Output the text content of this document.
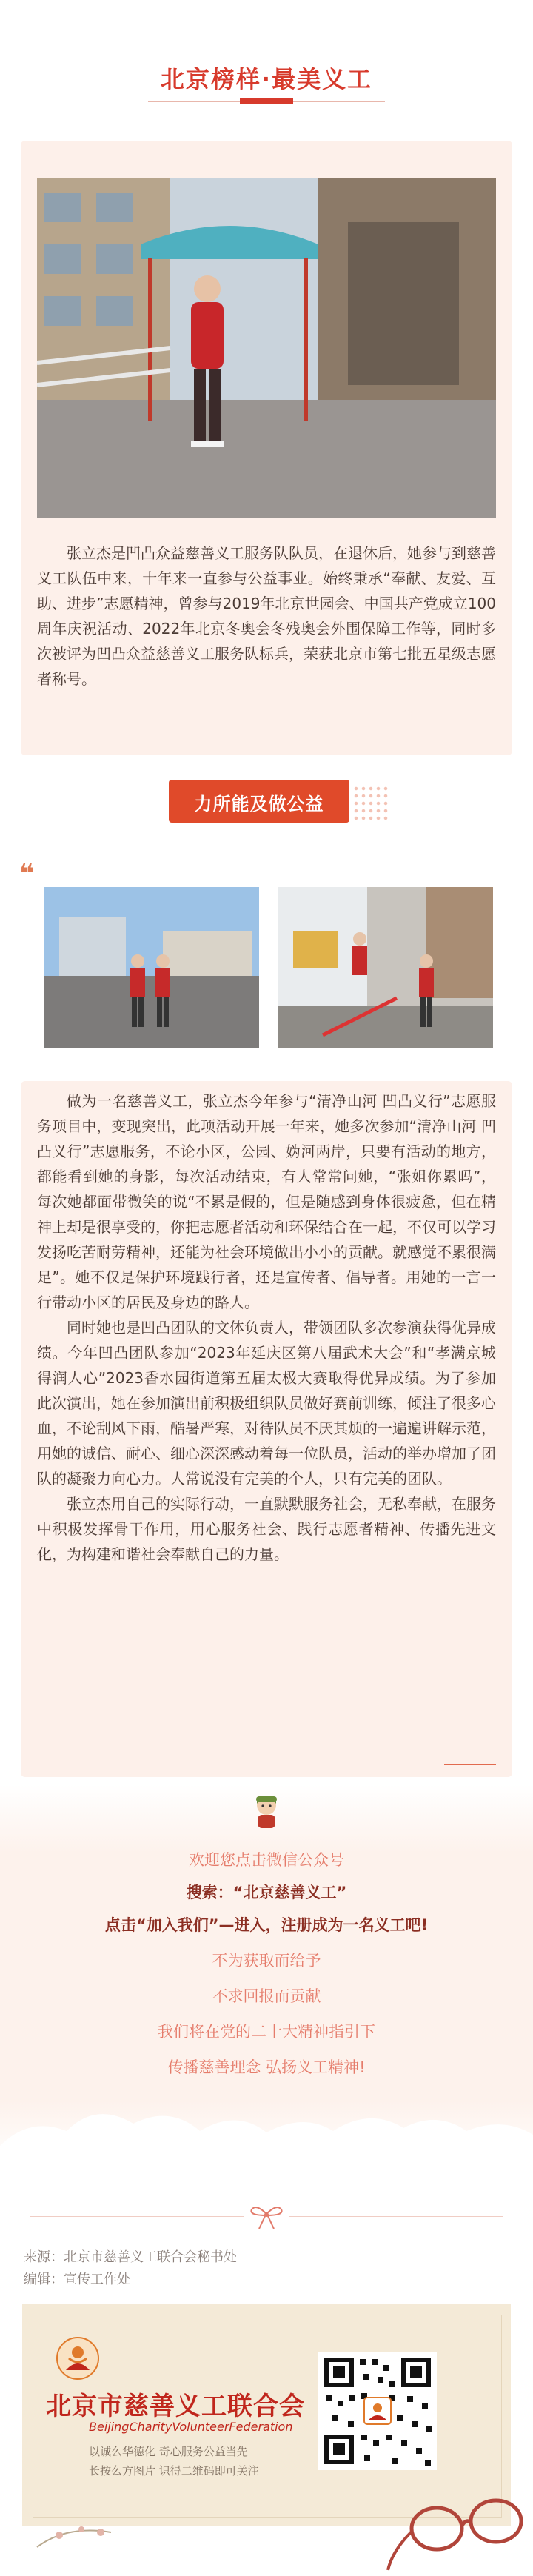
北京榜样·最美义工
张立杰是凹凸众益慈善义工服务队队员，在退休后，她参与到慈善义工队伍中来，十年来一直参与公益事业。始终秉承“奉献、友爱、互助、进步”志愿精神，曾参与2019年北京世园会、中国共产党成立100周年庆祝活动、2022年北京冬奥会冬残奥会外围保障工作等，同时多次被评为凹凸众益慈善义工服务队标兵，荣获北京市第七批五星级志愿者称号。
力所能及做公益
❝

做为一名慈善义工，张立杰今年参与“清净山河 凹凸义行”志愿服务项目中，变现突出，此项活动开展一年来，她多次参加“清净山河 凹凸义行”志愿服务，不论小区，公园、妫河两岸，只要有活动的地方，都能看到她的身影，每次活动结束，有人常常问她，“张姐你累吗”，每次她都面带微笑的说“不累是假的，但是随感到身体很疲惫，但在精神上却是很享受的，你把志愿者活动和环保结合在一起，不仅可以学习发扬吃苦耐劳精神，还能为社会环境做出小小的贡献。就感觉不累很满足”。她不仅是保护环境践行者，还是宣传者、倡导者。用她的一言一行带动小区的居民及身边的路人。

同时她也是凹凸团队的文体负责人，带领团队多次参演获得优异成绩。今年凹凸团队参加“2023年延庆区第八届武术大会”和“孝满京城 得润人心”2023香水园街道第五届太极大赛取得优异成绩。为了参加此次演出，她在参加演出前积极组织队员做好赛前训练，倾注了很多心血，不论刮风下雨，酷暑严寒，对待队员不厌其烦的一遍遍讲解示范，用她的诚信、耐心、细心深深感动着每一位队员，活动的举办增加了团队的凝聚力向心力。人常说没有完美的个人，只有完美的团队。

张立杰用自己的实际行动，一直默默服务社会，无私奉献，在服务中积极发挥骨干作用，用心服务社会、践行志愿者精神、传播先进文化，为构建和谐社会奉献自己的力量。

欢迎您点击微信公众号
搜索：“北京慈善义工”
点击“加入我们”—进入，注册成为一名义工吧!
不为获取而给予
不求回报而贡献
我们将在党的二十大精神指引下
传播慈善理念 弘扬义工精神!
来源：北京市慈善义工联合会秘书处
编辑：宣传工作处
北京市慈善义工联合会
BeijingCharityVolunteerFederation
以诚么华德化 奇心服务公益当先
长按么方图片 识得二维码即可关注
